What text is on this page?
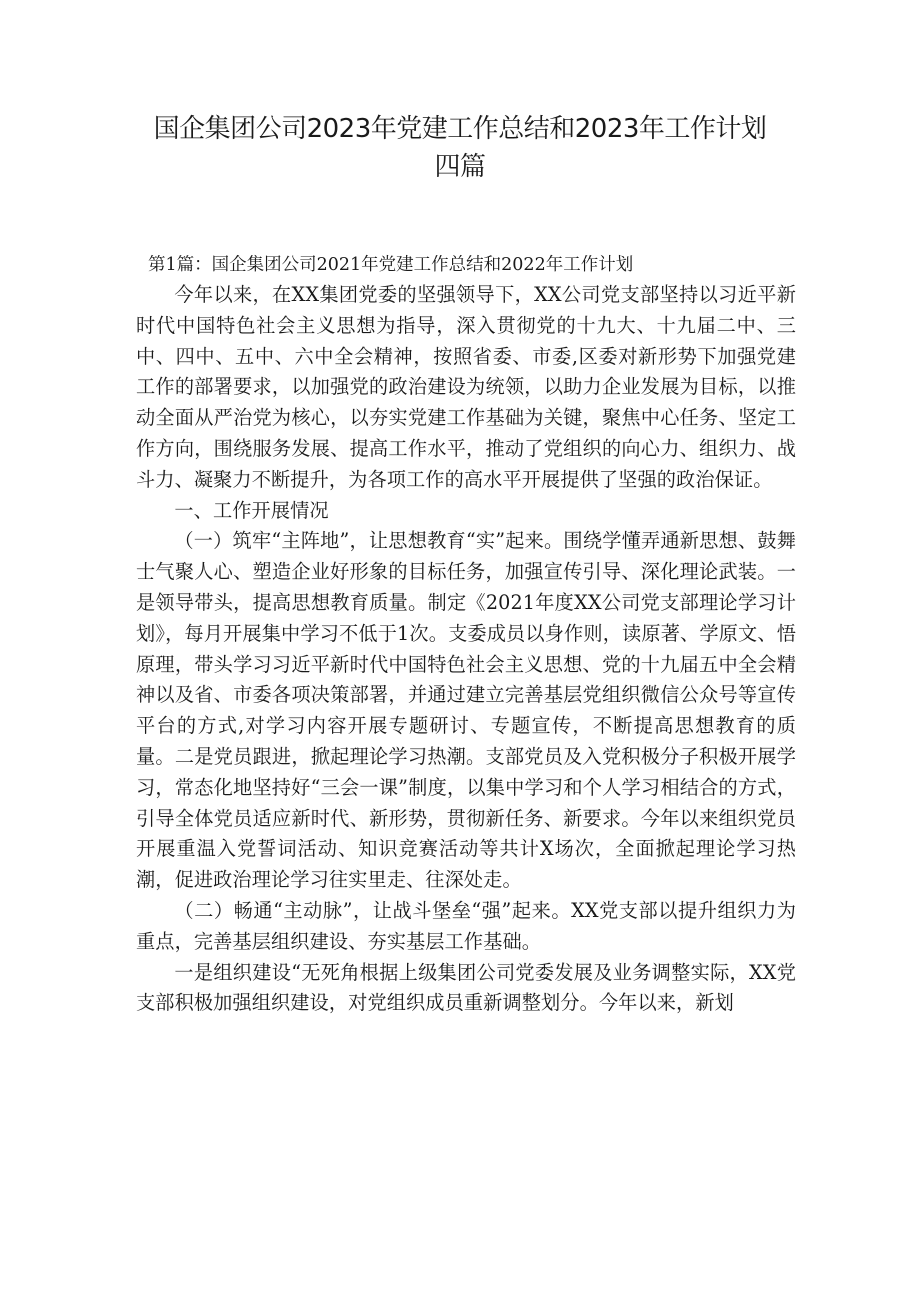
国企集团公司2023年党建工作总结和2023年工作计划
四篇
第1篇：国企集团公司2021年党建工作总结和2022年工作计划

今年以来，在XX集团党委的坚强领导下，XX公司党支部坚持以习近平新时代中国特色社会主义思想为指导，深入贯彻党的十九大、十九届二中、三中、四中、五中、六中全会精神，按照省委、市委,区委对新形势下加强党建工作的部署要求，以加强党的政治建设为统领，以助力企业发展为目标，以推动全面从严治党为核心，以夯实党建工作基础为关键，聚焦中心任务、坚定工作方向，围绕服务发展、提高工作水平，推动了党组织的向心力、组织力、战斗力、凝聚力不断提升，为各项工作的高水平开展提供了坚强的政治保证。

一、工作开展情况

（一）筑牢“主阵地”，让思想教育“实”起来。围绕学懂弄通新思想、鼓舞士气聚人心、塑造企业好形象的目标任务，加强宣传引导、深化理论武装。一是领导带头，提高思想教育质量。制定《2021年度XX公司党支部理论学习计划》，每月开展集中学习不低于1次。支委成员以身作则，读原著、学原文、悟原理，带头学习习近平新时代中国特色社会主义思想、党的十九届五中全会精神以及省、市委各项决策部署，并通过建立完善基层党组织微信公众号等宣传平台的方式,对学习内容开展专题研讨、专题宣传，不断提高思想教育的质量。二是党员跟进，掀起理论学习热潮。支部党员及入党积极分子积极开展学习，常态化地坚持好“三会一课”制度，以集中学习和个人学习相结合的方式，引导全体党员适应新时代、新形势，贯彻新任务、新要求。今年以来组织党员开展重温入党誓词活动、知识竞赛活动等共计X场次，全面掀起理论学习热潮，促进政治理论学习往实里走、往深处走。

（二）畅通“主动脉”，让战斗堡垒“强”起来。XX党支部以提升组织力为重点，完善基层组织建设、夯实基层工作基础。

一是组织建设“无死角根据上级集团公司党委发展及业务调整实际，XX党支部积极加强组织建设，对党组织成员重新调整划分。今年以来，新划
